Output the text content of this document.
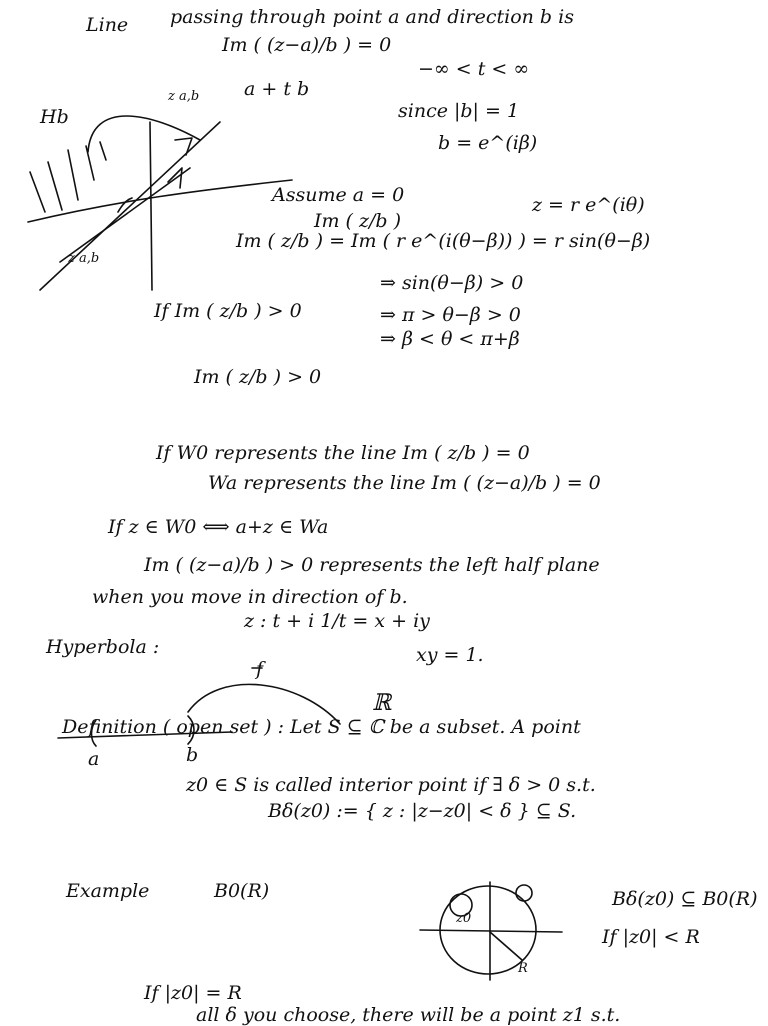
Line passing through point a and direction b is
Im ( (z−a)/b ) = 0
a + t b
−∞ < t < ∞
z a,b
Hb	since |b| = 1
b = e^(iβ)
z a,b
Assume a = 0	z = r e^(iθ)
Im ( z/b )
Im ( z/b ) = Im ( r e^(i(θ−β)) ) = r sin(θ−β)
If Im ( z/b ) > 0
⇒ sin(θ−β) > 0
⇒ π > θ−β > 0
⇒ β < θ < π+β
Im ( z/b ) > 0
If W0 represents the line Im ( z/b ) = 0
Wa represents the line Im ( (z−a)/b ) = 0
If z ∈ W0 ⟺ a+z ∈ Wa
Im ( (z−a)/b ) > 0 represents the left half plane
when you move in direction of b.
Hyperbola :
z : t + i 1/t = x + iy
f
xy = 1.
ℝ
a	b
Definition ( open set ) : Let S ⊆ ℂ be a subset. A point
z0 ∈ S is called interior point if ∃ δ > 0 s.t.
Bδ(z0) := { z : |z−z0| < δ } ⊆ S.
Example	B0(R)
z0
R
Bδ(z0) ⊆ B0(R)
If |z0| < R
If |z0| = R
all δ you choose, there will be a point z1 s.t.
